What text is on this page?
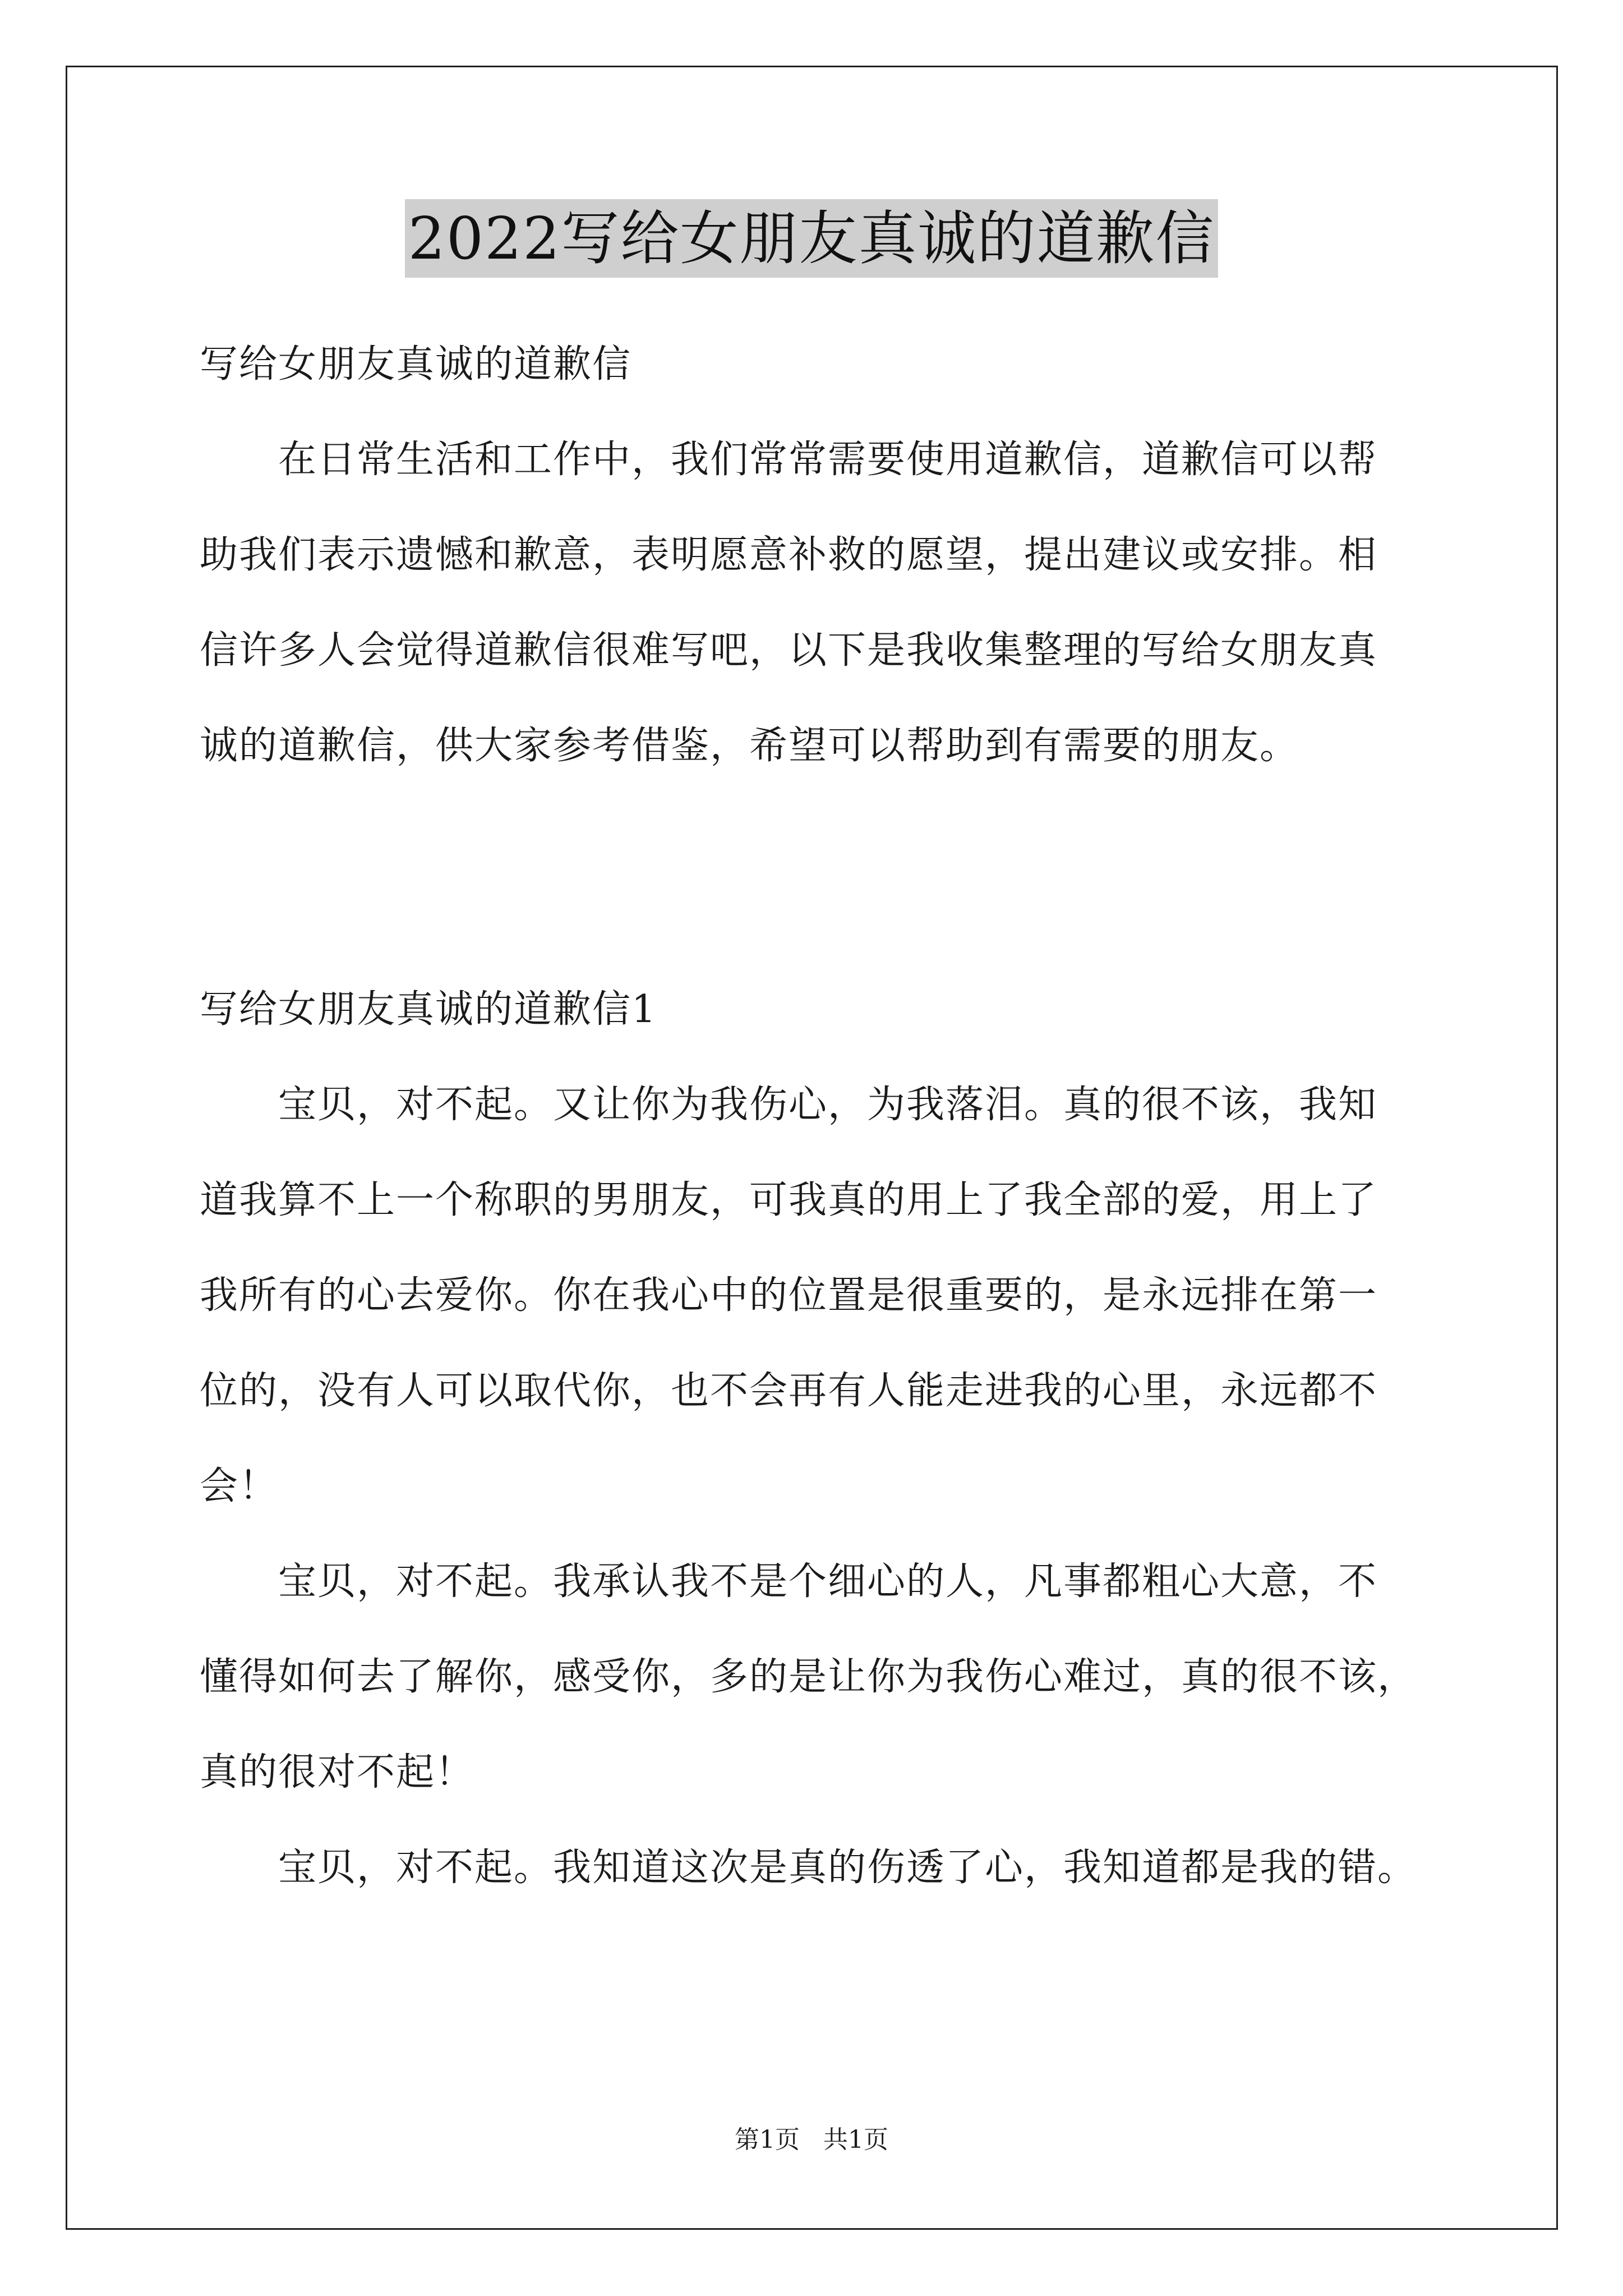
2022写给女朋友真诚的道歉信

写给女朋友真诚的道歉信

　　在日常生活和工作中，我们常常需要使用道歉信，道歉信可以帮

助我们表示遗憾和歉意，表明愿意补救的愿望，提出建议或安排。相

信许多人会觉得道歉信很难写吧，以下是我收集整理的写给女朋友真

诚的道歉信，供大家参考借鉴，希望可以帮助到有需要的朋友。

写给女朋友真诚的道歉信1

　　宝贝，对不起。又让你为我伤心，为我落泪。真的很不该，我知

道我算不上一个称职的男朋友，可我真的用上了我全部的爱，用上了

我所有的心去爱你。你在我心中的位置是很重要的，是永远排在第一

位的，没有人可以取代你，也不会再有人能走进我的心里，永远都不

会！

　　宝贝，对不起。我承认我不是个细心的人，凡事都粗心大意，不

懂得如何去了解你，感受你，多的是让你为我伤心难过，真的很不该，

真的很对不起！

　　宝贝，对不起。我知道这次是真的伤透了心，我知道都是我的错。

第1页 共1页
